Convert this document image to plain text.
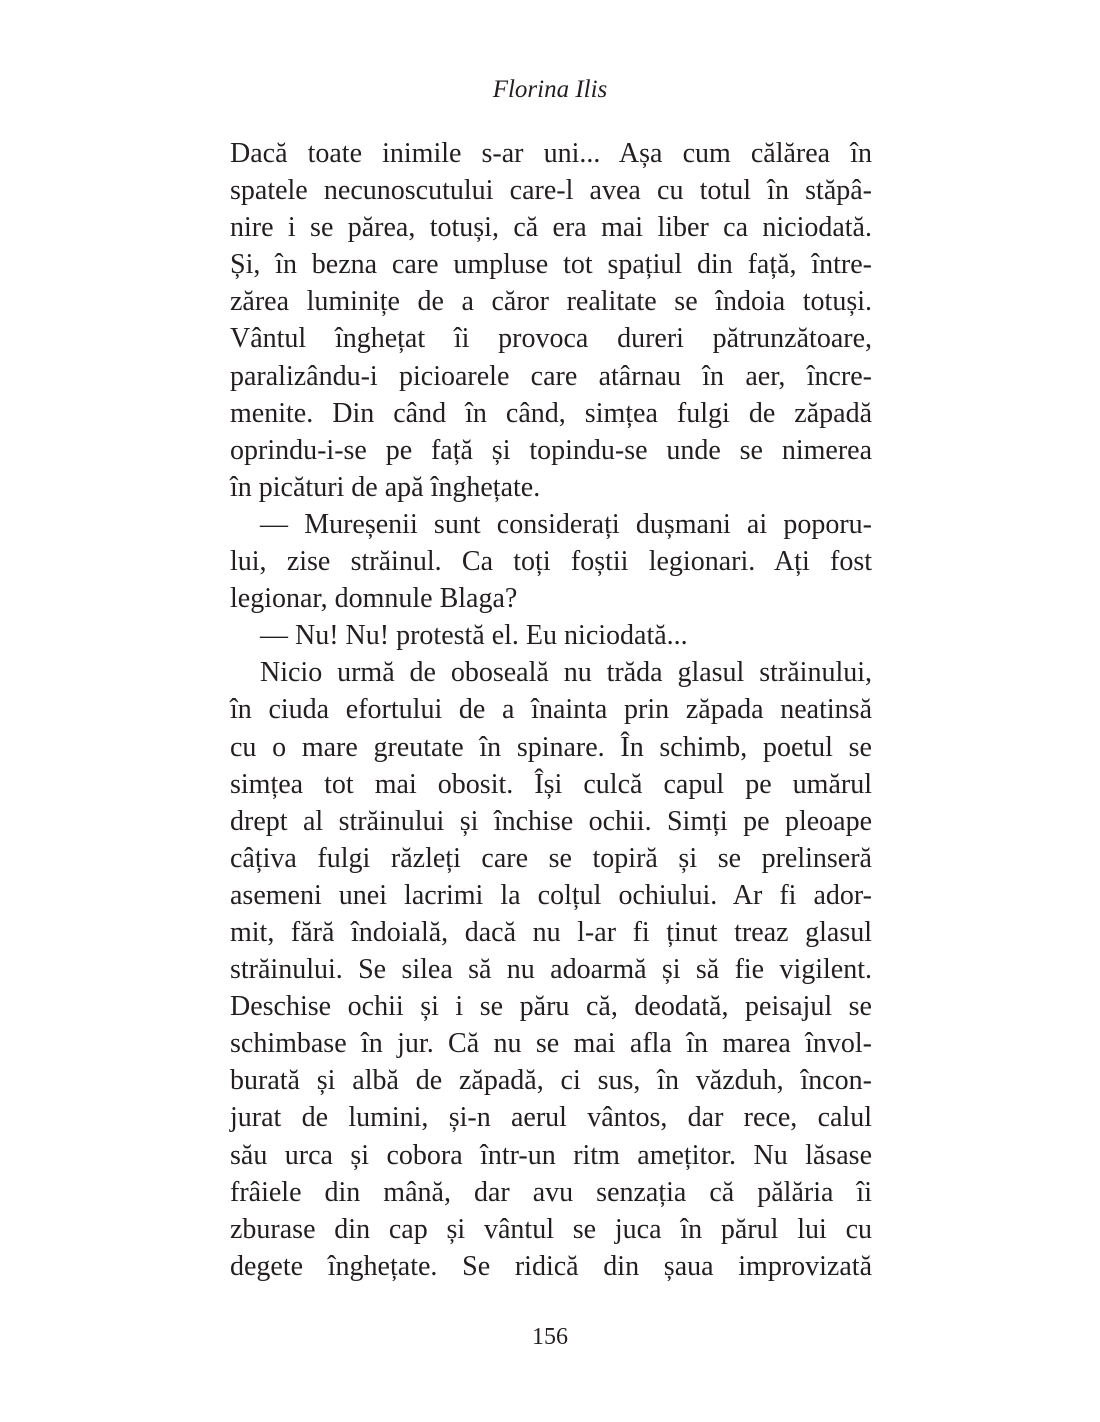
Florina Ilis
Dacă toate inimile s-ar uni... Așa cum călărea în
spatele necunoscutului care-l avea cu totul în stăpâ-
nire i se părea, totuși, că era mai liber ca niciodată.
Și, în bezna care umpluse tot spațiul din față, între-
zărea luminițe de a căror realitate se îndoia totuși.
Vântul înghețat îi provoca dureri pătrunzătoare,
paralizându-i picioarele care atârnau în aer, încre-
menite. Din când în când, simțea fulgi de zăpadă
oprindu-i-se pe față și topindu-se unde se nimerea
în picături de apă înghețate.
— Mureșenii sunt considerați dușmani ai poporu-
lui, zise străinul. Ca toți foștii legionari. Ați fost
legionar, domnule Blaga?
— Nu! Nu! protestă el. Eu niciodată...
Nicio urmă de oboseală nu trăda glasul străinului,
în ciuda efortului de a înainta prin zăpada neatinsă
cu o mare greutate în spinare. În schimb, poetul se
simțea tot mai obosit. Își culcă capul pe umărul
drept al străinului și închise ochii. Simți pe pleoape
câțiva fulgi răzleți care se topiră și se prelinseră
asemeni unei lacrimi la colțul ochiului. Ar fi ador-
mit, fără îndoială, dacă nu l-ar fi ținut treaz glasul
străinului. Se silea să nu adoarmă și să fie vigilent.
Deschise ochii și i se păru că, deodată, peisajul se
schimbase în jur. Că nu se mai afla în marea învol-
burată și albă de zăpadă, ci sus, în văzduh, încon-
jurat de lumini, și-n aerul vântos, dar rece, calul
său urca și cobora într-un ritm amețitor. Nu lăsase
frâiele din mână, dar avu senzația că pălăria îi
zburase din cap și vântul se juca în părul lui cu
degete înghețate. Se ridică din șaua improvizată
156
